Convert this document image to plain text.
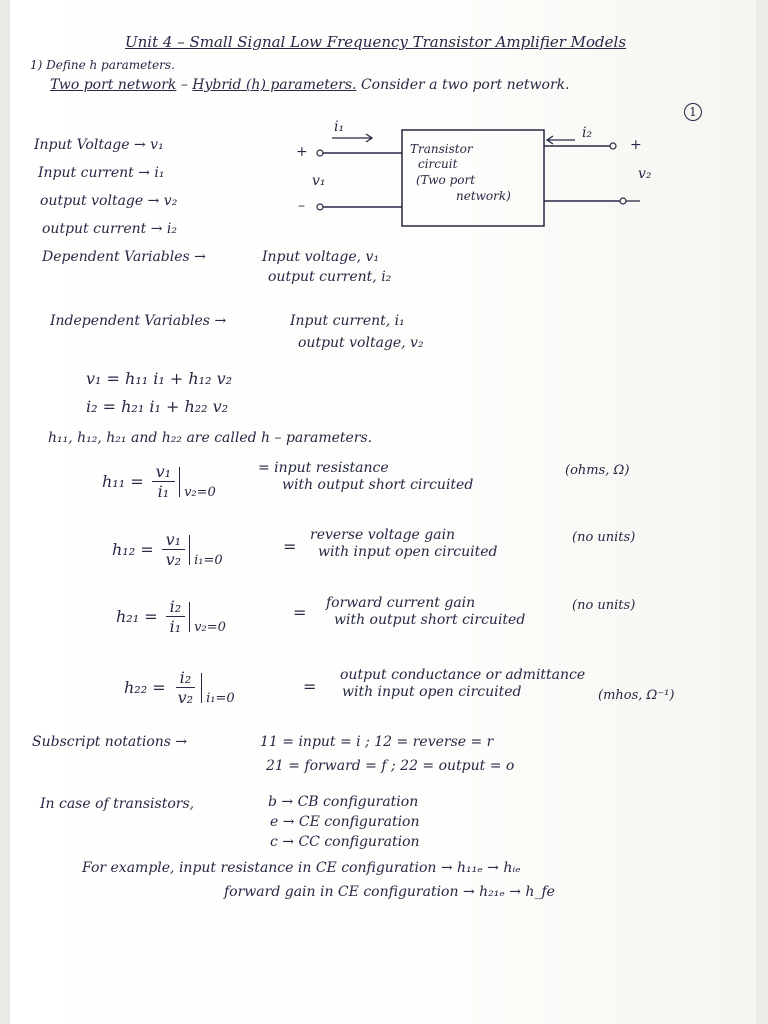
Unit 4 – Small Signal Low Frequency Transistor Amplifier Models
1) Define h parameters.
Two port network – Hybrid (h) parameters. Consider a two port network.
1
Input Voltage → v₁
Input current → i₁
output voltage → v₂
output current → i₂
Dependent Variables →	Input voltage, v₁
output current, i₂
Independent Variables →	Input current, i₁
output voltage, v₂
i₁	i₂
+
–
v₁
+
v₂
Transistor
circuit
(Two port
network)
v₁ = h₁₁ i₁ + h₁₂ v₂
i₂ = h₂₁ i₁ + h₂₂ v₂
h₁₁, h₁₂, h₂₁ and h₂₂ are called h – parameters.
$h_{11} = \frac{\text{v₁}}{\text{i₁}} v_2=0$
= input resistance
with output short circuited
(ohms, Ω)
$h_{12} = \frac{\text{v₁}}{\text{v₂}} i_1=0$
=
reverse voltage gain
with input open circuited
(no units)
$h_{21} = \frac{\text{i₂}}{\text{i₁}} v_2=0$
= forward current gain
with output short circuited
(no units)
$h_{22} = \frac{\text{i₂}}{\text{v₂}} i_1=0$
=
output conductance or admittance
with input open circuited	(mhos, Ω⁻¹)
Subscript notations →	11 = input = i ; 12 = reverse = r
21 = forward = f ; 22 = output = o
In case of transistors,	b → CB configuration
e → CE configuration
c → CC configuration
For example, input resistance in CE configuration → h₁₁ₑ → hᵢₑ
forward gain in CE configuration → h₂₁ₑ → h_fe
